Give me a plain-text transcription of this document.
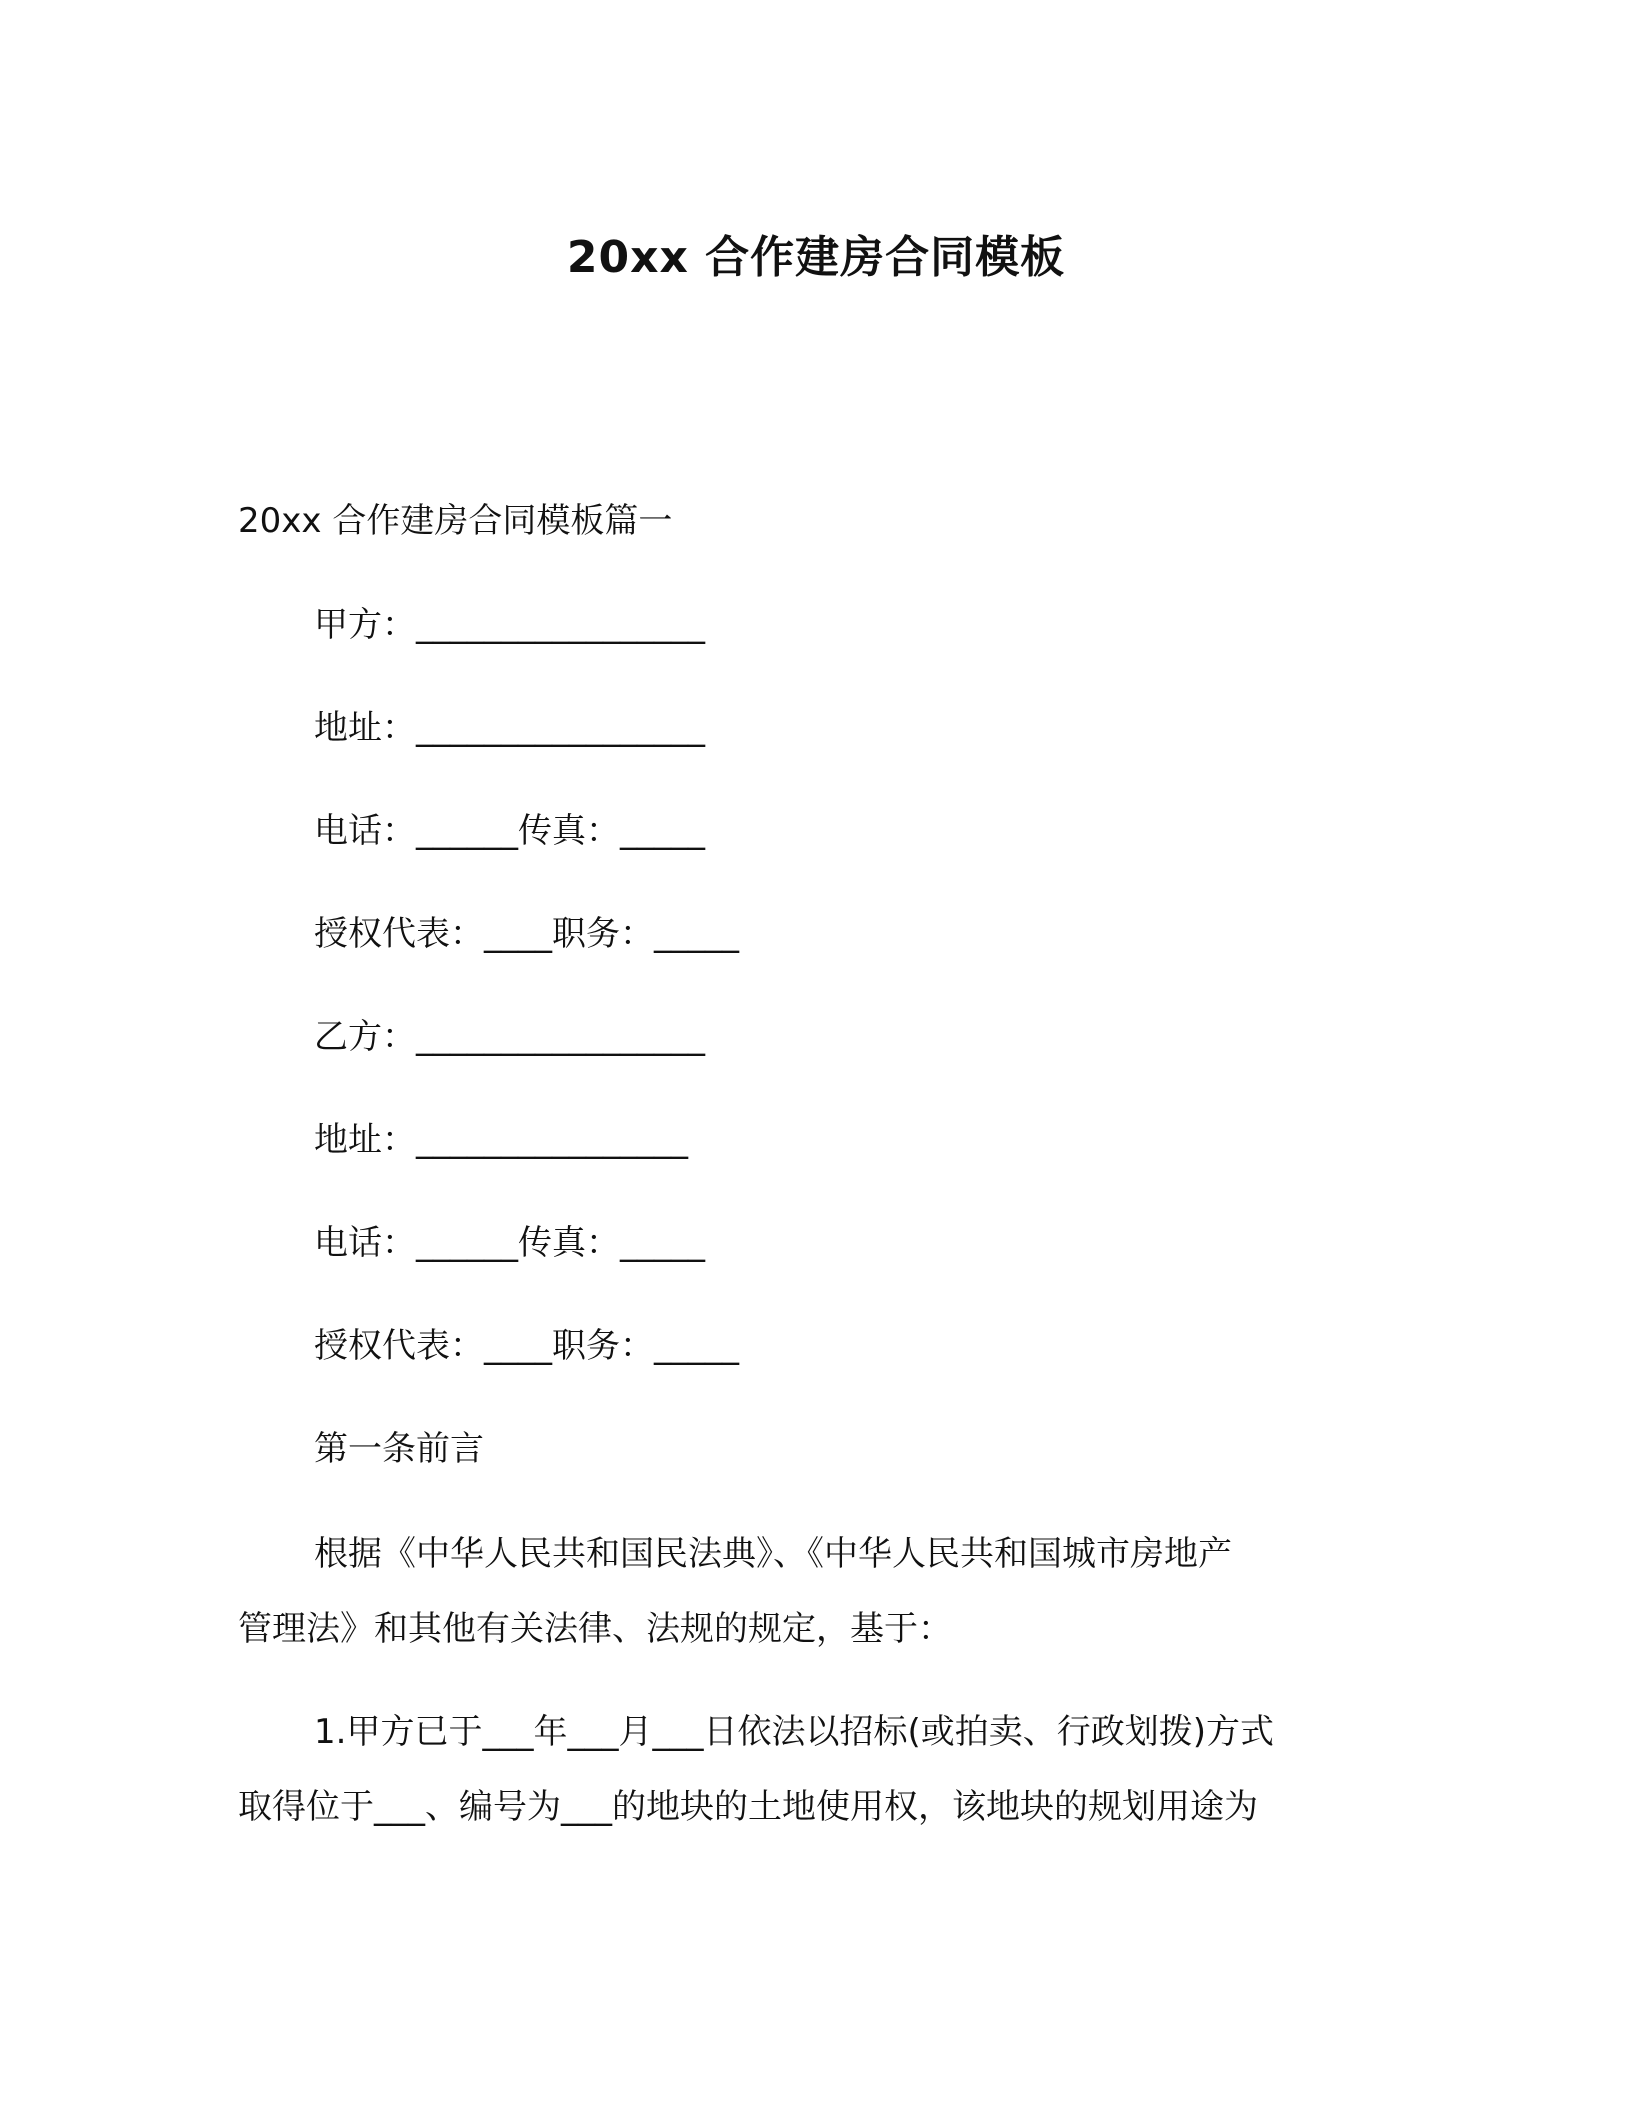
20xx 合作建房合同模板
20xx 合作建房合同模板篇一
甲方：_________________
地址：_________________
电话：______传真：_____
授权代表：____职务：_____
乙方：_________________
地址：________________
电话：______传真：_____
授权代表：____职务：_____
第一条前言
根据《中华人民共和国民法典》、《中华人民共和国城市房地产
管理法》和其他有关法律、法规的规定，基于：
1.甲方已于___年___月___日依法以招标(或拍卖、行政划拨)方式
取得位于___、编号为___的地块的土地使用权，该地块的规划用途为
